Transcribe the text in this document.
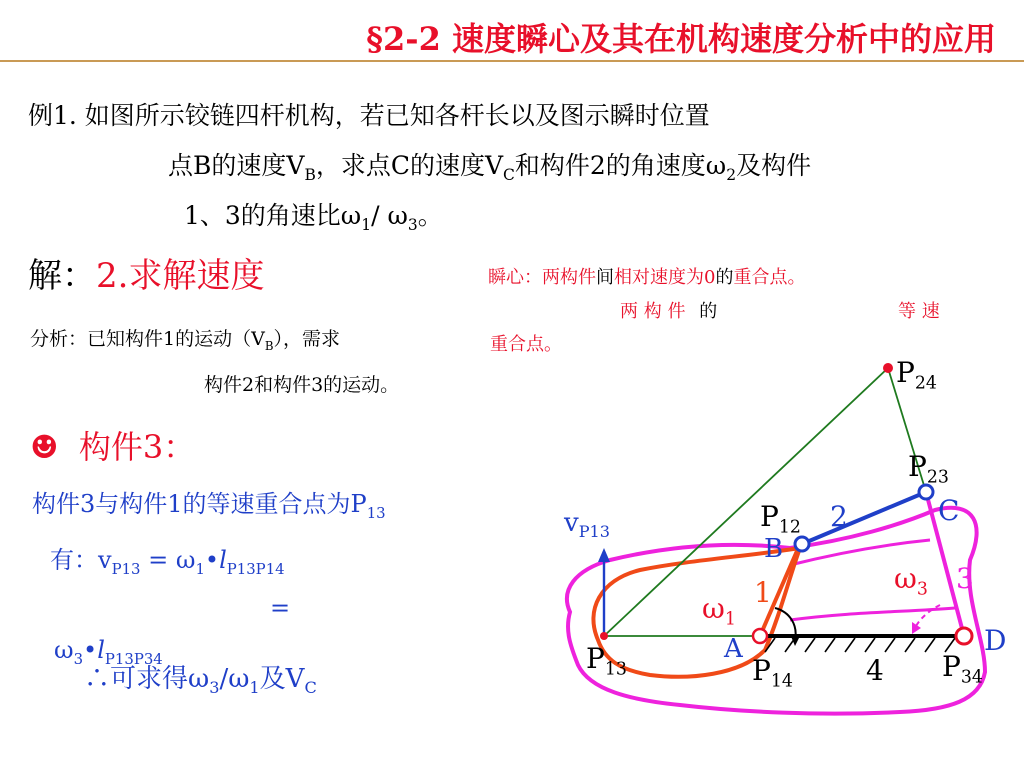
§2-2 速度瞬心及其在机构速度分析中的应用
例1. 如图所示铰链四杆机构，若已知各杆长以及图示瞬时位置
点B的速度$V_B$，求点C的速度$V_C$和构件2的角速度$\omega_2$及构件
1、3的角速比$\omega_1/$ $\omega_3$。
解：2.求解速度	瞬心：两构件间相对速度为0的重合点。
两 构 件 的	等 速
重合点。
分析：已知构件1的运动$(V_B)$，需求
构件2和构件3的运动。
☻ 构件3：
构件3与构件1的等速重合点为$P_{13}$
有：$v_{P13}$ = $\omega_1•l_{P13P14}$
=
$\omega_3•l_{P13P34}$
∴可求得$\omega_3/\omega_1$及$V_C$
$P_{24}$
$P_{23}$
C
$P_{12}$ 2
B
$v_{P13}$
$\omega_3$ 3
1
$\omega_1$
A	D
$P_{13}$	$P_{14}$	4 $P_{34}$
